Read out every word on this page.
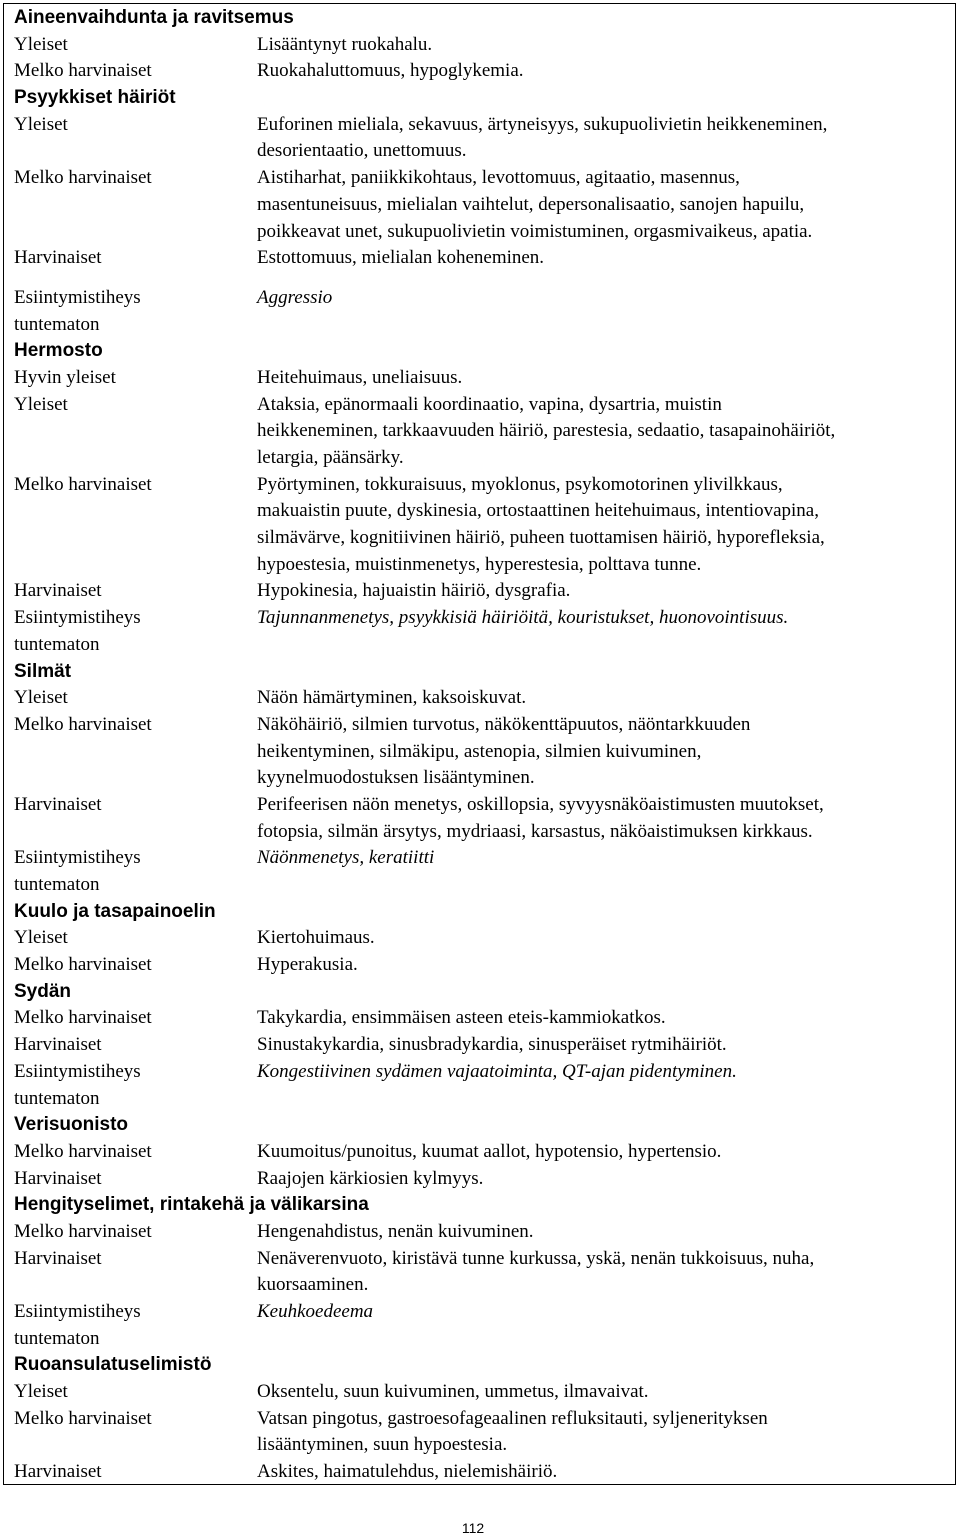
Aineenvaihdunta ja ravitsemus
Yleiset	Lisääntynyt ruokahalu.
Melko harvinaiset	Ruokahaluttomuus, hypoglykemia.
Psyykkiset häiriöt
Yleiset	Euforinen mieliala, sekavuus, ärtyneisyys, sukupuolivietin heikkeneminen,
desorientaatio, unettomuus.
Melko harvinaiset	Aistiharhat, paniikkikohtaus, levottomuus, agitaatio, masennus,
masentuneisuus, mielialan vaihtelut, depersonalisaatio, sanojen hapuilu,
poikkeavat unet, sukupuolivietin voimistuminen, orgasmivaikeus, apatia.
Harvinaiset	Estottomuus, mielialan koheneminen.
Esiintymistiheys	Aggressio
tuntematon
Hermosto
Hyvin yleiset	Heitehuimaus, uneliaisuus.
Yleiset	Ataksia, epänormaali koordinaatio, vapina, dysartria, muistin
heikkeneminen, tarkkaavuuden häiriö, parestesia, sedaatio, tasapainohäiriöt,
letargia, päänsärky.
Melko harvinaiset	Pyörtyminen, tokkuraisuus, myoklonus, psykomotorinen ylivilkkaus,
makuaistin puute, dyskinesia, ortostaattinen heitehuimaus, intentiovapina,
silmävärve, kognitiivinen häiriö, puheen tuottamisen häiriö, hyporefleksia,
hypoestesia, muistinmenetys, hyperestesia, polttava tunne.
Harvinaiset	Hypokinesia, hajuaistin häiriö, dysgrafia.
Esiintymistiheys	Tajunnanmenetys, psyykkisiä häiriöitä, kouristukset, huonovointisuus.
tuntematon
Silmät
Yleiset	Näön hämärtyminen, kaksoiskuvat.
Melko harvinaiset	Näköhäiriö, silmien turvotus, näkökenttäpuutos, näöntarkkuuden
heikentyminen, silmäkipu, astenopia, silmien kuivuminen,
kyynelmuodostuksen lisääntyminen.
Harvinaiset	Perifeerisen näön menetys, oskillopsia, syvyysnäköaistimusten muutokset,
fotopsia, silmän ärsytys, mydriaasi, karsastus, näköaistimuksen kirkkaus.
Esiintymistiheys	Näönmenetys, keratiitti
tuntematon
Kuulo ja tasapainoelin
Yleiset	Kiertohuimaus.
Melko harvinaiset	Hyperakusia.
Sydän
Melko harvinaiset	Takykardia, ensimmäisen asteen eteis-kammiokatkos.
Harvinaiset	Sinustakykardia, sinusbradykardia, sinusperäiset rytmihäiriöt.
Esiintymistiheys	Kongestiivinen sydämen vajaatoiminta, QT-ajan pidentyminen.
tuntematon
Verisuonisto
Melko harvinaiset	Kuumoitus/punoitus, kuumat aallot, hypotensio, hypertensio.
Harvinaiset	Raajojen kärkiosien kylmyys.
Hengityselimet, rintakehä ja välikarsina
Melko harvinaiset	Hengenahdistus, nenän kuivuminen.
Harvinaiset	Nenäverenvuoto, kiristävä tunne kurkussa, yskä, nenän tukkoisuus, nuha,
kuorsaaminen.
Esiintymistiheys	Keuhkoedeema
tuntematon
Ruoansulatuselimistö
Yleiset	Oksentelu, suun kuivuminen, ummetus, ilmavaivat.
Melko harvinaiset	Vatsan pingotus, gastroesofageaalinen refluksitauti, syljenerityksen
lisääntyminen, suun hypoestesia.
Harvinaiset	Askites, haimatulehdus, nielemishäiriö.
112
